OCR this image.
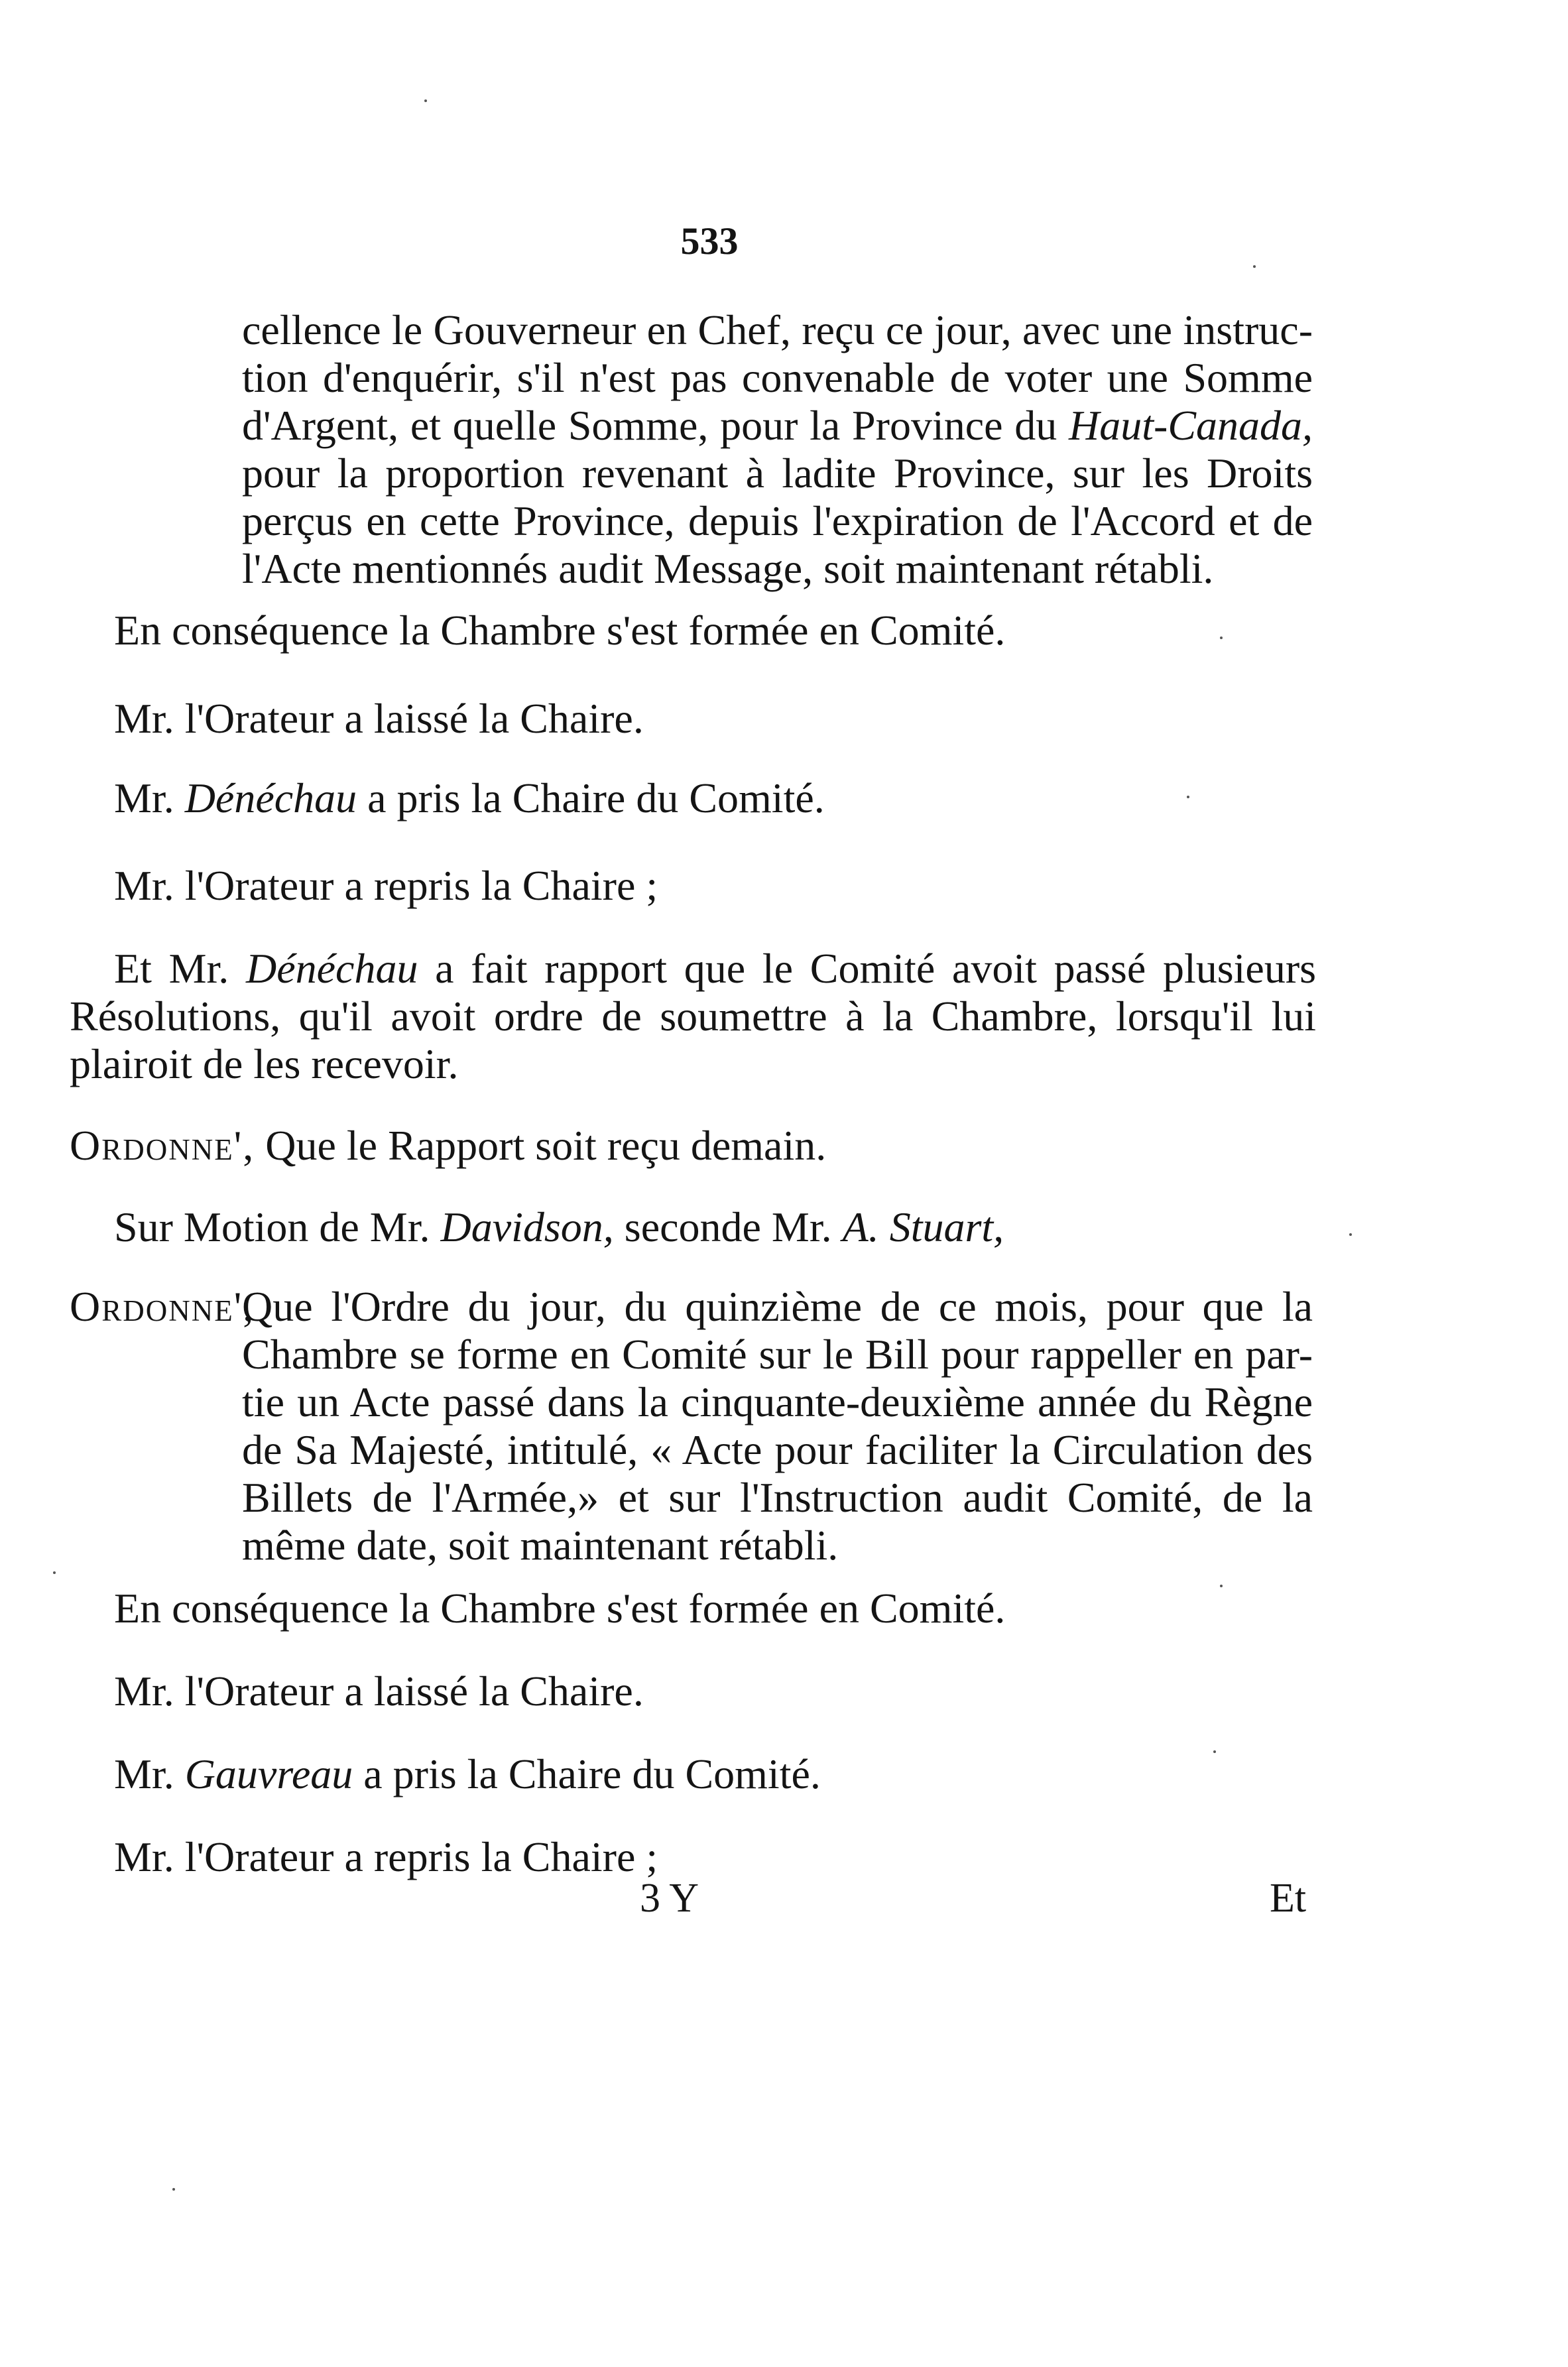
533
cellence le Gouverneur en Chef, reçu ce jour, avec une instruc-
tion d'enquérir, s'il n'est pas convenable de voter une Somme
d'Argent, et quelle Somme, pour la Province du Haut-Canada,
pour la proportion revenant à ladite Province, sur les Droits
perçus en cette Province, depuis l'expiration de l'Accord et de
l'Acte mentionnés audit Message, soit maintenant rétabli.
En conséquence la Chambre s'est formée en Comité.
Mr. l'Orateur a laissé la Chaire.
Mr. Dénéchau a pris la Chaire du Comité.
Mr. l'Orateur a repris la Chaire ;
Et Mr. Dénéchau a fait rapport que le Comité avoit passé plusieurs
Résolutions, qu'il avoit ordre de soumettre à la Chambre, lorsqu'il lui
plairoit de les recevoir.
Ordonne', Que le Rapport soit reçu demain.
Sur Motion de Mr. Davidson, seconde Mr. A. Stuart,
Ordonne',
Que l'Ordre du jour, du quinzième de ce mois, pour que la
Chambre se forme en Comité sur le Bill pour rappeller en par-
tie un Acte passé dans la cinquante-deuxième année du Règne
de Sa Majesté, intitulé, « Acte pour faciliter la Circulation des
Billets de l'Armée,» et sur l'Instruction audit Comité, de la
même date, soit maintenant rétabli.
En conséquence la Chambre s'est formée en Comité.
Mr. l'Orateur a laissé la Chaire.
Mr. Gauvreau a pris la Chaire du Comité.
Mr. l'Orateur a repris la Chaire ;
3 Y	Et
